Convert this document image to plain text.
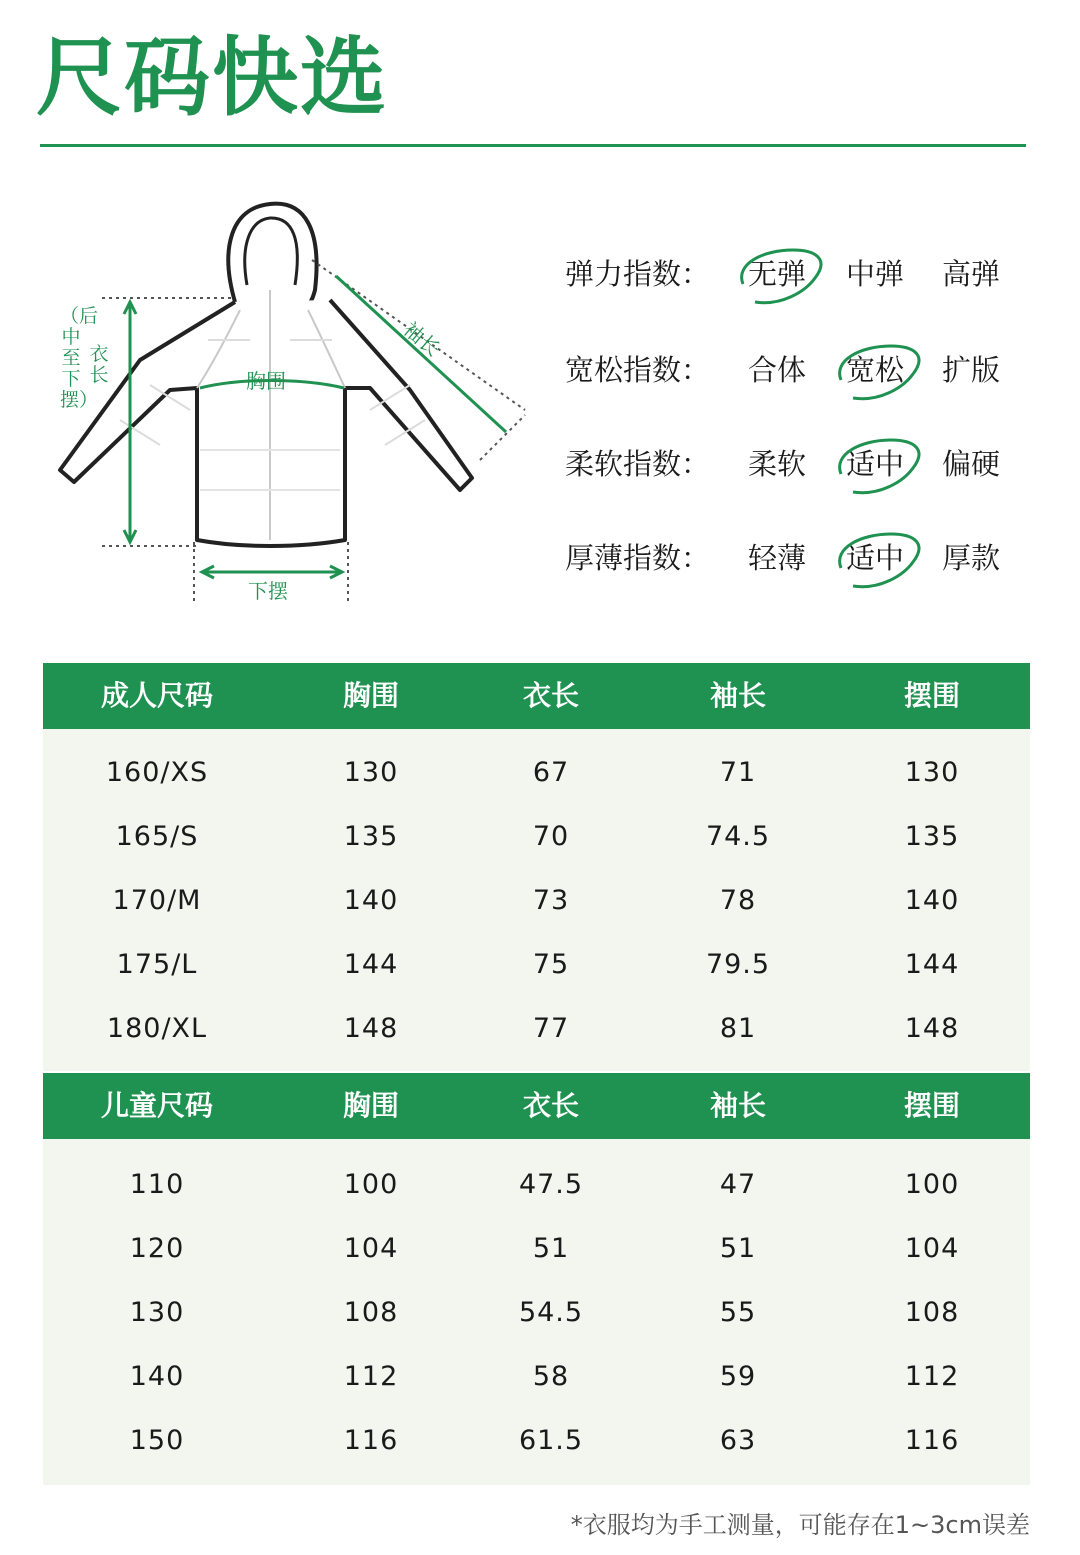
尺码快选
（后中至下摆）
衣长	胸围
袖长
下摆
弹力指数：	无弹	中弹	高弹
宽松指数：	合体	宽松	扩版
柔软指数：	柔软	适中	偏硬
厚薄指数：	轻薄	适中	厚款
成人尺码	胸围	衣长	袖长	摆围
160/XS	130	67	71	130
165/S	135	70	74.5	135
170/M	140	73	78	140
175/L	144	75	79.5	144
180/XL	148	77	81	148
儿童尺码	胸围	衣长	袖长	摆围
110	100	47.5	47	100
120	104	51	51	104
130	108	54.5	55	108
140	112	58	59	112
150	116	61.5	63	116
*衣服均为手工测量，可能存在1~3cm误差
